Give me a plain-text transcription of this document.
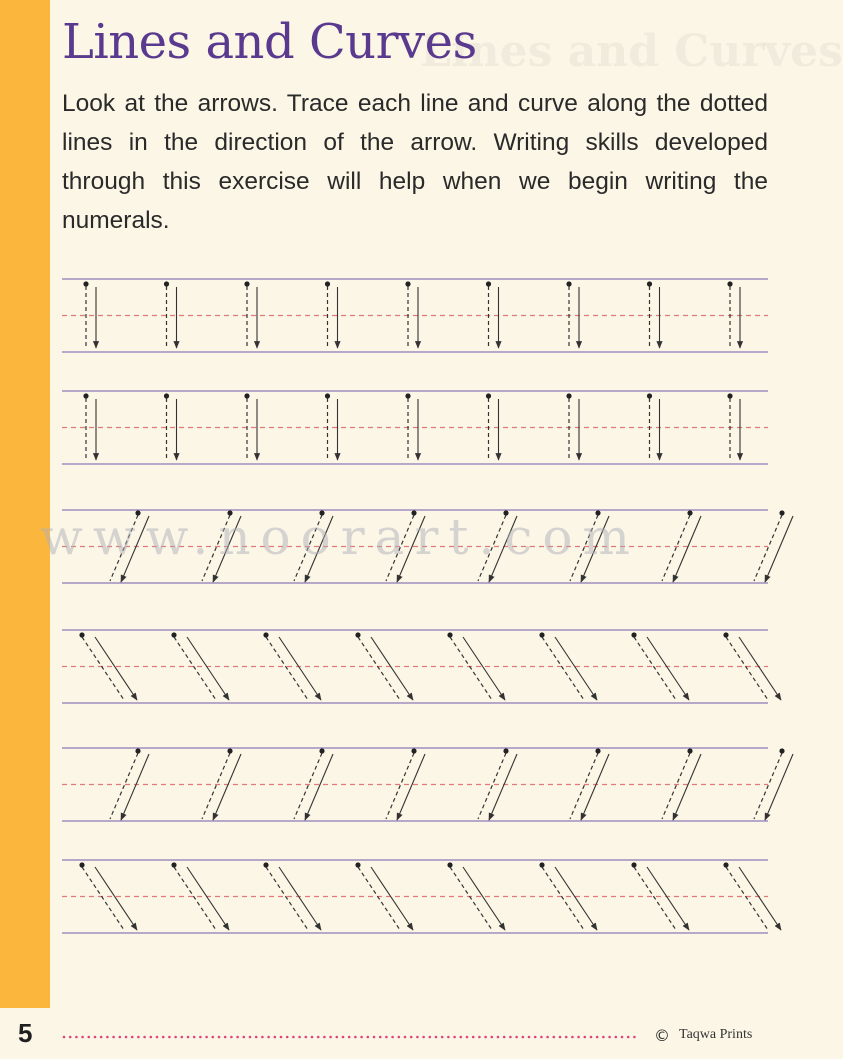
Lines and Curves
Lines and Curves

Look at the arrows. Trace each line and curve along the dotted lines in the direction of the arrow. Writing skills developed through this exercise will help when we begin writing the numerals.

www.noorart.com
5	© Taqwa Prints
